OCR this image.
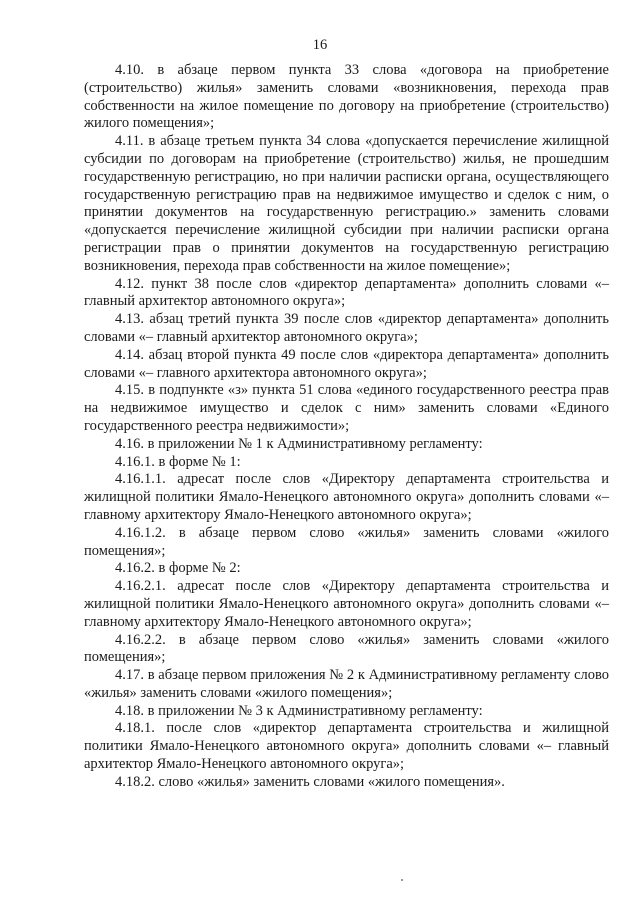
16

4.10. в абзаце первом пункта 33 слова «договора на приобретение (строительство) жилья» заменить словами «возникновения, перехода прав собственности на жилое помещение по договору на приобретение (строительство) жилого помещения»;

4.11. в абзаце третьем пункта 34 слова «допускается перечисление жилищной субсидии по договорам на приобретение (строительство) жилья, не прошедшим государственную регистрацию, но при наличии расписки органа, осуществляющего государственную регистрацию прав на недвижимое имущество и сделок с ним, о принятии документов на государственную регистрацию.» заменить словами «допускается перечисление жилищной субсидии при наличии расписки органа регистрации прав о принятии документов на государственную регистрацию возникновения, перехода прав собственности на жилое помещение»;

4.12. пункт 38 после слов «директор департамента» дополнить словами «– главный архитектор автономного округа»;

4.13. абзац третий пункта 39 после слов «директор департамента» дополнить словами «– главный архитектор автономного округа»;

4.14. абзац второй пункта 49 после слов «директора департамента» дополнить словами «– главного архитектора автономного округа»;

4.15. в подпункте «з» пункта 51 слова «единого государственного реестра прав на недвижимое имущество и сделок с ним» заменить словами «Единого государственного реестра недвижимости»;

4.16. в приложении № 1 к Административному регламенту:

4.16.1. в форме № 1:

4.16.1.1. адресат после слов «Директору департамента строительства и жилищной политики Ямало-Ненецкого автономного округа» дополнить словами «– главному архитектору Ямало-Ненецкого автономного округа»;

4.16.1.2. в абзаце первом слово «жилья» заменить словами «жилого помещения»;

4.16.2. в форме № 2:

4.16.2.1. адресат после слов «Директору департамента строительства и жилищной политики Ямало-Ненецкого автономного округа» дополнить словами «– главному архитектору Ямало-Ненецкого автономного округа»;

4.16.2.2. в абзаце первом слово «жилья» заменить словами «жилого помещения»;

4.17. в абзаце первом приложения № 2 к Административному регламенту слово «жилья» заменить словами «жилого помещения»;

4.18. в приложении № 3 к Административному регламенту:

4.18.1. после слов «директор департамента строительства и жилищной политики Ямало-Ненецкого автономного округа» дополнить словами «– главный архитектор Ямало-Ненецкого автономного округа»;

4.18.2. слово «жилья» заменить словами «жилого помещения».
